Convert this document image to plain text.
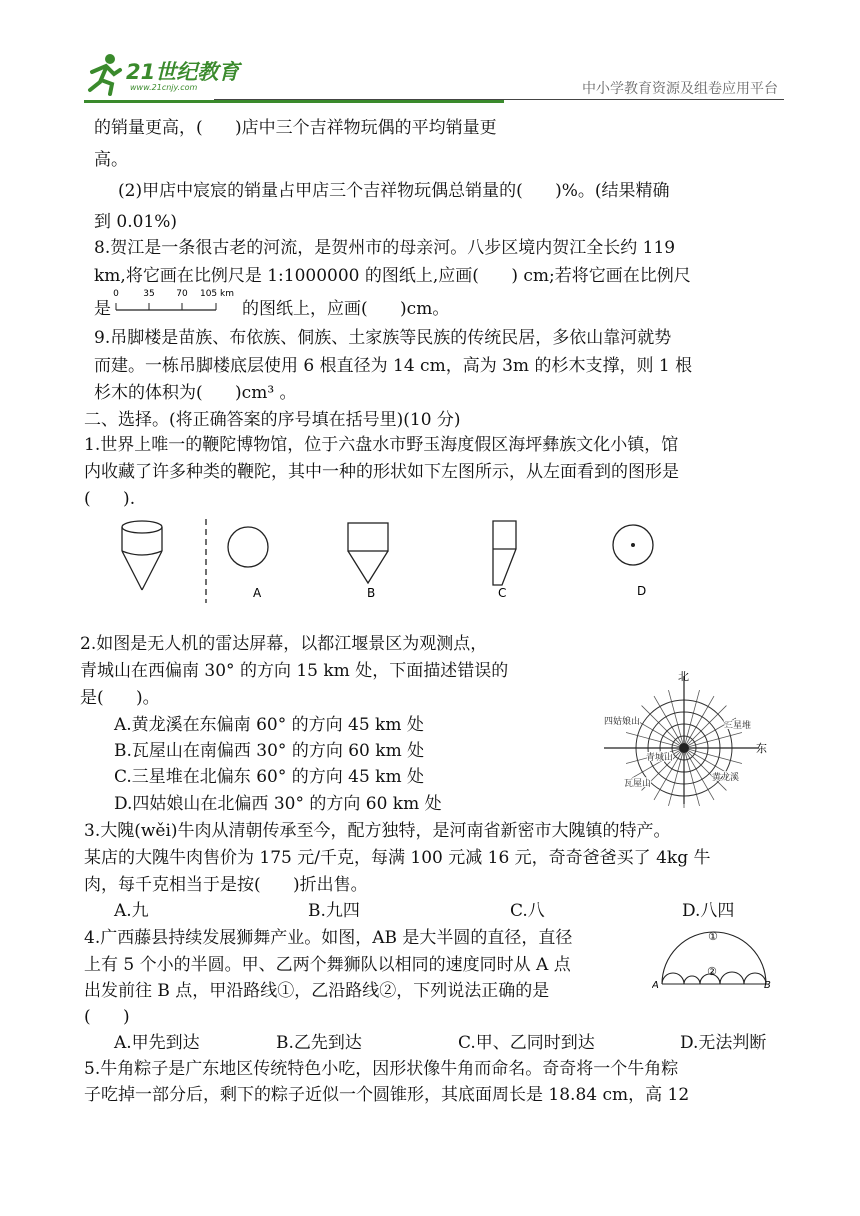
21世纪教育
www.21cnjy.com	中小学教育资源及组卷应用平台
的销量更高，(      )店中三个吉祥物玩偶的平均销量更
高。
(2)甲店中宸宸的销量占甲店三个吉祥物玩偶总销量的(      )%。(结果精确
到 0.01%)
8.贺江是一条很古老的河流，是贺州市的母亲河。八步区境内贺江全长约 119
km,将它画在比例尺是 1:1000000 的图纸上,应画(      ) cm;若将它画在比例尺
是
0	35 70 105 km
的图纸上，应画(      )cm。
9.吊脚楼是苗族、布依族、侗族、土家族等民族的传统民居，多依山靠河就势
而建。一栋吊脚楼底层使用 6 根直径为 14 cm，高为 3m 的杉木支撑，则 1 根
杉木的体积为(      )cm³ 。
二、选择。(将正确答案的序号填在括号里)(10 分)
1.世界上唯一的鞭陀博物馆，位于六盘水市野玉海度假区海坪彝族文化小镇，馆
内收藏了许多种类的鞭陀，其中一种的形状如下左图所示，从左面看到的图形是
(      ).
A	B	C	D
2.如图是无人机的雷达屏幕，以都江堰景区为观测点，
青城山在西偏南 30° 的方向 15 km 处，下面描述错误的
是(      )。
A.黄龙溪在东偏南 60° 的方向 45 km 处
B.瓦屋山在南偏西 30° 的方向 60 km 处
C.三星堆在北偏东 60° 的方向 45 km 处
D.四姑娘山在北偏西 30° 的方向 60 km 处
北
东
四姑娘山	三星堆
青城山
瓦屋山
黄龙溪
3.大隗(wěi)牛肉从清朝传承至今，配方独特，是河南省新密市大隗镇的特产。
某店的大隗牛肉售价为 175 元/千克，每满 100 元减 16 元，奇奇爸爸买了 4kg 牛
肉，每千克相当于是按(      )折出售。
A.九	B.九四	C.八	D.八四
4.广西藤县持续发展狮舞产业。如图，AB 是大半圆的直径，直径
上有 5 个小的半圆。甲、乙两个舞狮队以相同的速度同时从 A 点
出发前往 B 点，甲沿路线①，乙沿路线②，下列说法正确的是
(      )
①
②
A	B
A.甲先到达	B.乙先到达	C.甲、乙同时到达	D.无法判断
5.牛角粽子是广东地区传统特色小吃，因形状像牛角而命名。奇奇将一个牛角粽
子吃掉一部分后，剩下的粽子近似一个圆锥形，其底面周长是 18.84 cm，高 12
